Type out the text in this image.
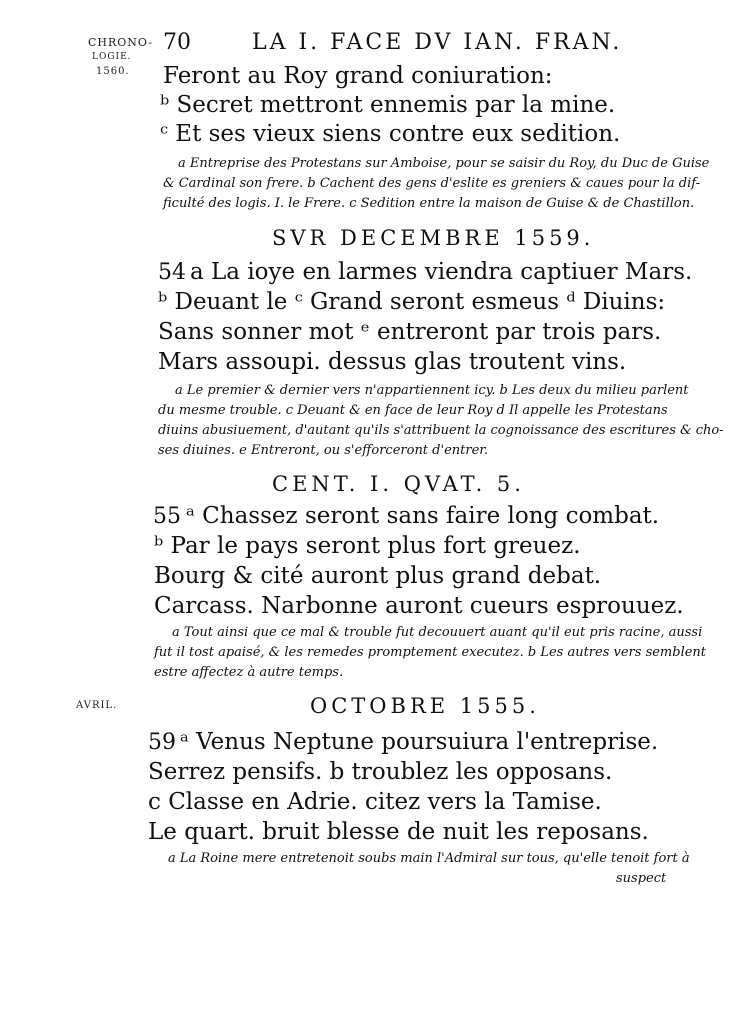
CHRONO-
LOGIE.
1560.
AVRIL.
70	LA I. FACE DV IAN. FRAN.
Feront au Roy grand coniuration:
ᵇ Secret mettront ennemis par la mine.
ᶜ Et ses vieux siens contre eux sedition.
a Entreprise des Protestans sur Amboise, pour se saisir du Roy, du Duc de Guise
& Cardinal son frere. b Cachent des gens d'eslite es greniers & caues pour la dif-
ficulté des logis. I. le Frere. c Sedition entre la maison de Guise & de Chastillon.
SVR DECEMBRE 1559.
54 a La ioye en larmes viendra captiuer Mars.
ᵇ Deuant le ᶜ Grand seront esmeus ᵈ Diuins:
Sans sonner mot ᵉ entreront par trois pars.
Mars assoupi. dessus glas troutent vins.
a Le premier & dernier vers n'appartiennent icy. b Les deux du milieu parlent
du mesme trouble. c Deuant & en face de leur Roy d Il appelle les Protestans
diuins abusiuement, d'autant qu'ils s'attribuent la cognoissance des escritures & cho-
ses diuines. e Entreront, ou s'efforceront d'entrer.
CENT. I. QVAT. 5.
55 ᵃ Chassez seront sans faire long combat.
ᵇ Par le pays seront plus fort greuez.
Bourg & cité auront plus grand debat.
Carcass. Narbonne auront cueurs esprouuez.
a Tout ainsi que ce mal & trouble fut decouuert auant qu'il eut pris racine, aussi
fut il tost apaisé, & les remedes promptement executez. b Les autres vers semblent
estre affectez à autre temps.
OCTOBRE 1555.
59 ᵃ Venus Neptune poursuiura l'entreprise.
Serrez pensifs. b troublez les opposans.
c Classe en Adrie. citez vers la Tamise.
Le quart. bruit blesse de nuit les reposans.
a La Roine mere entretenoit soubs main l'Admiral sur tous, qu'elle tenoit fort à
suspect
